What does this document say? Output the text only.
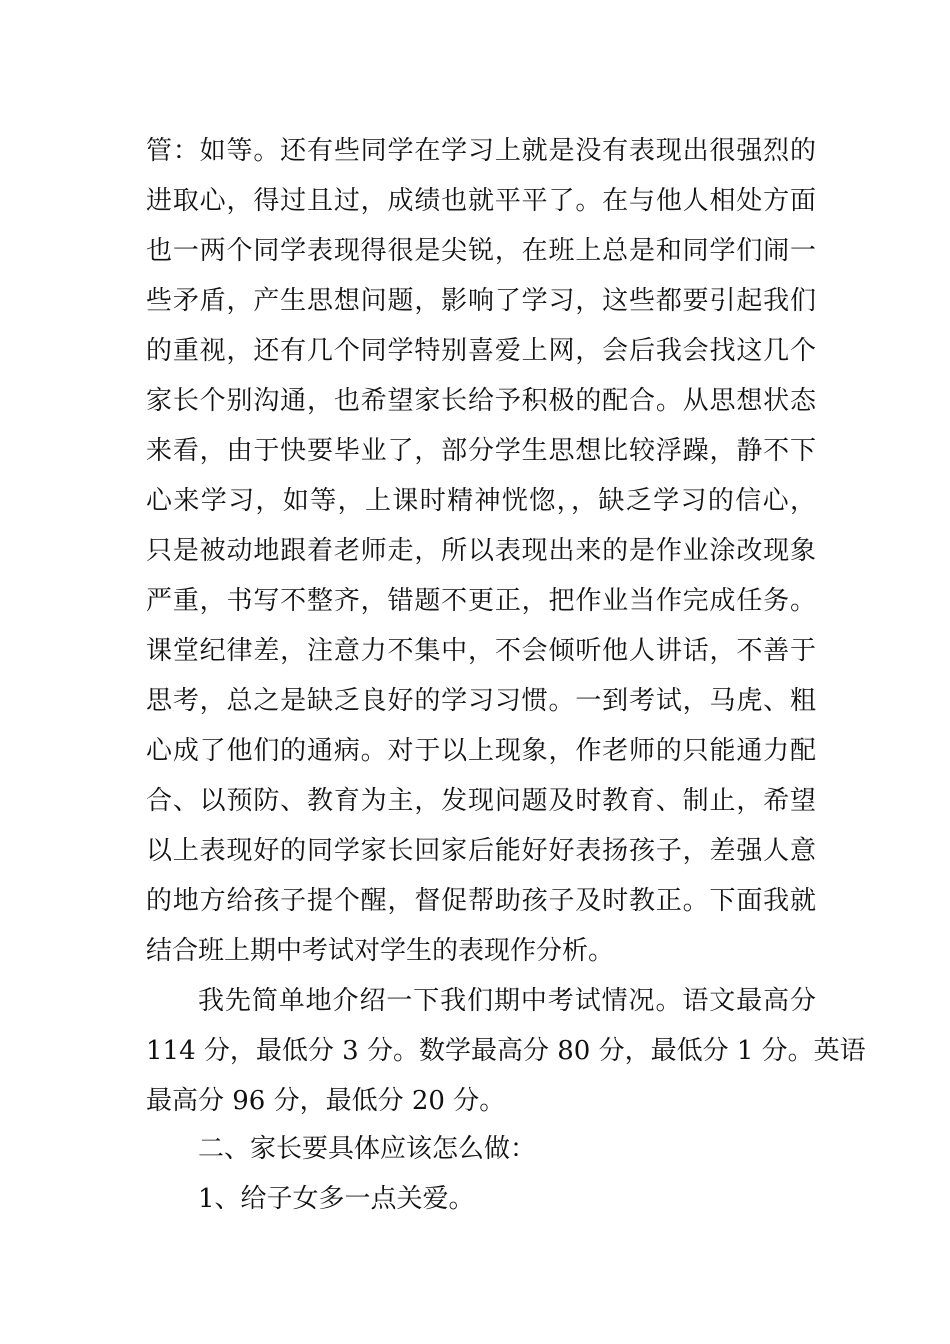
管：如等。还有些同学在学习上就是没有表现出很强烈的
进取心，得过且过，成绩也就平平了。在与他人相处方面
也一两个同学表现得很是尖锐，在班上总是和同学们闹一
些矛盾，产生思想问题，影响了学习，这些都要引起我们
的重视，还有几个同学特别喜爱上网，会后我会找这几个
家长个别沟通，也希望家长给予积极的配合。从思想状态
来看，由于快要毕业了，部分学生思想比较浮躁，静不下
心来学习，如等，上课时精神恍惚，，缺乏学习的信心，
只是被动地跟着老师走，所以表现出来的是作业涂改现象
严重，书写不整齐，错题不更正，把作业当作完成任务。
课堂纪律差，注意力不集中，不会倾听他人讲话，不善于
思考，总之是缺乏良好的学习习惯。一到考试，马虎、粗
心成了他们的通病。对于以上现象，作老师的只能通力配
合、以预防、教育为主，发现问题及时教育、制止，希望
以上表现好的同学家长回家后能好好表扬孩子，差强人意
的地方给孩子提个醒，督促帮助孩子及时教正。下面我就
结合班上期中考试对学生的表现作分析。
我先简单地介绍一下我们期中考试情况。语文最高分
114 分，最低分 3 分。数学最高分 80 分，最低分 1 分。英语
最高分 96 分，最低分 20 分。
二、家长要具体应该怎么做：
1、给子女多一点关爱。
